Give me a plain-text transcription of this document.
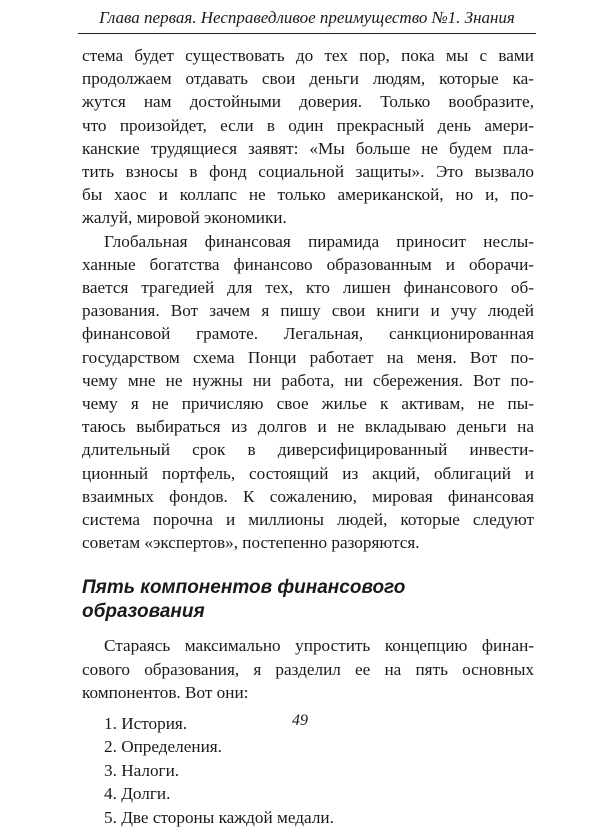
Глава первая. Несправедливое преимущество №1. Знания
стема будет существовать до тех пор, пока мы с вами
продолжаем отдавать свои деньги людям, которые ка-
жутся нам достойными доверия. Только вообразите,
что произойдет, если в один прекрасный день амери-
канские трудящиеся заявят: «Мы больше не будем пла-
тить взносы в фонд социальной защиты». Это вызвало
бы хаос и коллапс не только американской, но и, по-
жалуй, мировой экономики.
Глобальная финансовая пирамида приносит неслы-
ханные богатства финансово образованным и оборачи-
вается трагедией для тех, кто лишен финансового об-
разования. Вот зачем я пишу свои книги и учу людей
финансовой грамоте. Легальная, санкционированная
государством схема Понци работает на меня. Вот по-
чему мне не нужны ни работа, ни сбережения. Вот по-
чему я не причисляю свое жилье к активам, не пы-
таюсь выбираться из долгов и не вкладываю деньги на
длительный срок в диверсифицированный инвести-
ционный портфель, состоящий из акций, облигаций и
взаимных фондов. К сожалению, мировая финансовая
система порочна и миллионы людей, которые следуют
советам «экспертов», постепенно разоряются.
Пять компонентов финансового
образования
Стараясь максимально упростить концепцию финан-
сового образования, я разделил ее на пять основных
компонентов. Вот они:
1. История.
2. Определения.
3. Налоги.
4. Долги.
5. Две стороны каждой медали.
49
